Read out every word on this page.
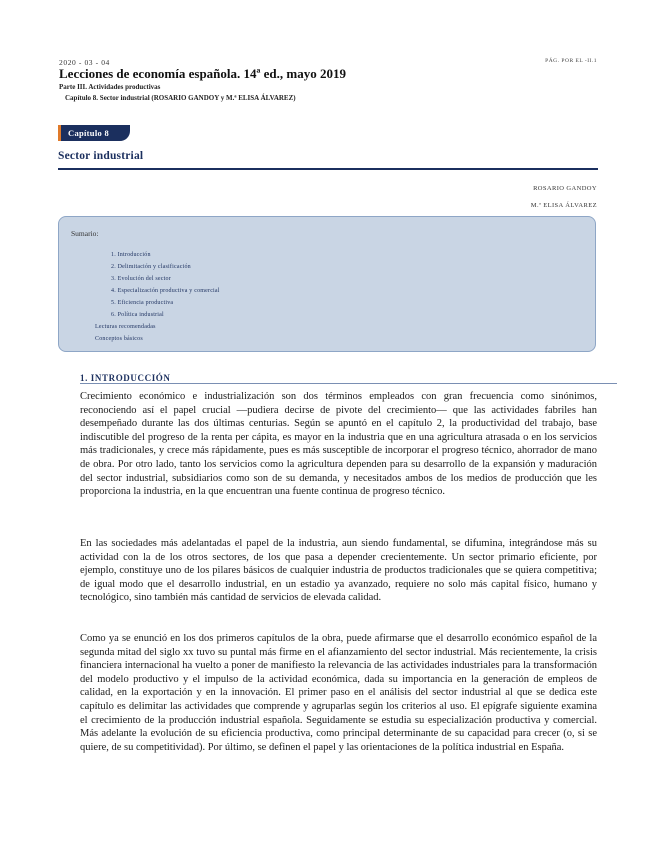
2020 - 03 - 04	PÁG. POR EL -II.1
Lecciones de economía española. 14ª ed., mayo 2019
Parte III. Actividades productivas
Capítulo 8. Sector industrial (ROSARIO GANDOY y M.ª ELISA ÁLVAREZ)
Capítulo 8
Sector industrial
ROSARIO GANDOY
M.ª ELISA ÁLVAREZ
Sumario:
1. Introducción
2. Delimitación y clasificación
3. Evolución del sector
4. Especialización productiva y comercial
5. Eficiencia productiva
6. Política industrial
Lecturas recomendadas
Conceptos básicos
1. INTRODUCCIÓN
Crecimiento económico e industrialización son dos términos empleados con gran frecuencia como sinónimos, reconociendo así el papel crucial —pudiera decirse de pivote del crecimiento— que las actividades fabriles han desempeñado durante las dos últimas centurias. Según se apuntó en el capítulo 2, la productividad del trabajo, base indiscutible del progreso de la renta per cápita, es mayor en la industria que en una agricultura atrasada o en los servicios más tradicionales, y crece más rápidamente, pues es más susceptible de incorporar el progreso técnico, ahorrador de mano de obra. Por otro lado, tanto los servicios como la agricultura dependen para su desarrollo de la expansión y maduración del sector industrial, subsidiarios como son de su demanda, y necesitados ambos de los medios de producción que les proporciona la industria, en la que encuentran una fuente continua de progreso técnico.
En las sociedades más adelantadas el papel de la industria, aun siendo fundamental, se difumina, integrándose más su actividad con la de los otros sectores, de los que pasa a depender crecientemente. Un sector primario eficiente, por ejemplo, constituye uno de los pilares básicos de cualquier industria de productos tradicionales que se quiera competitiva; de igual modo que el desarrollo industrial, en un estadio ya avanzado, requiere no solo más capital físico, humano y tecnológico, sino también más cantidad de servicios de elevada calidad.
Como ya se enunció en los dos primeros capítulos de la obra, puede afirmarse que el desarrollo económico español de la segunda mitad del siglo xx tuvo su puntal más firme en el afianzamiento del sector industrial. Más recientemente, la crisis financiera internacional ha vuelto a poner de manifiesto la relevancia de las actividades industriales para la transformación del modelo productivo y el impulso de la actividad económica, dada su importancia en la generación de empleos de calidad, en la exportación y en la innovación. El primer paso en el análisis del sector industrial al que se dedica este capítulo es delimitar las actividades que comprende y agruparlas según los criterios al uso. El epígrafe siguiente examina el crecimiento de la producción industrial española. Seguidamente se estudia su especialización productiva y comercial. Más adelante la evolución de su eficiencia productiva, como principal determinante de su capacidad para crecer (o, si se quiere, de su competitividad). Por último, se definen el papel y las orientaciones de la política industrial en España.
